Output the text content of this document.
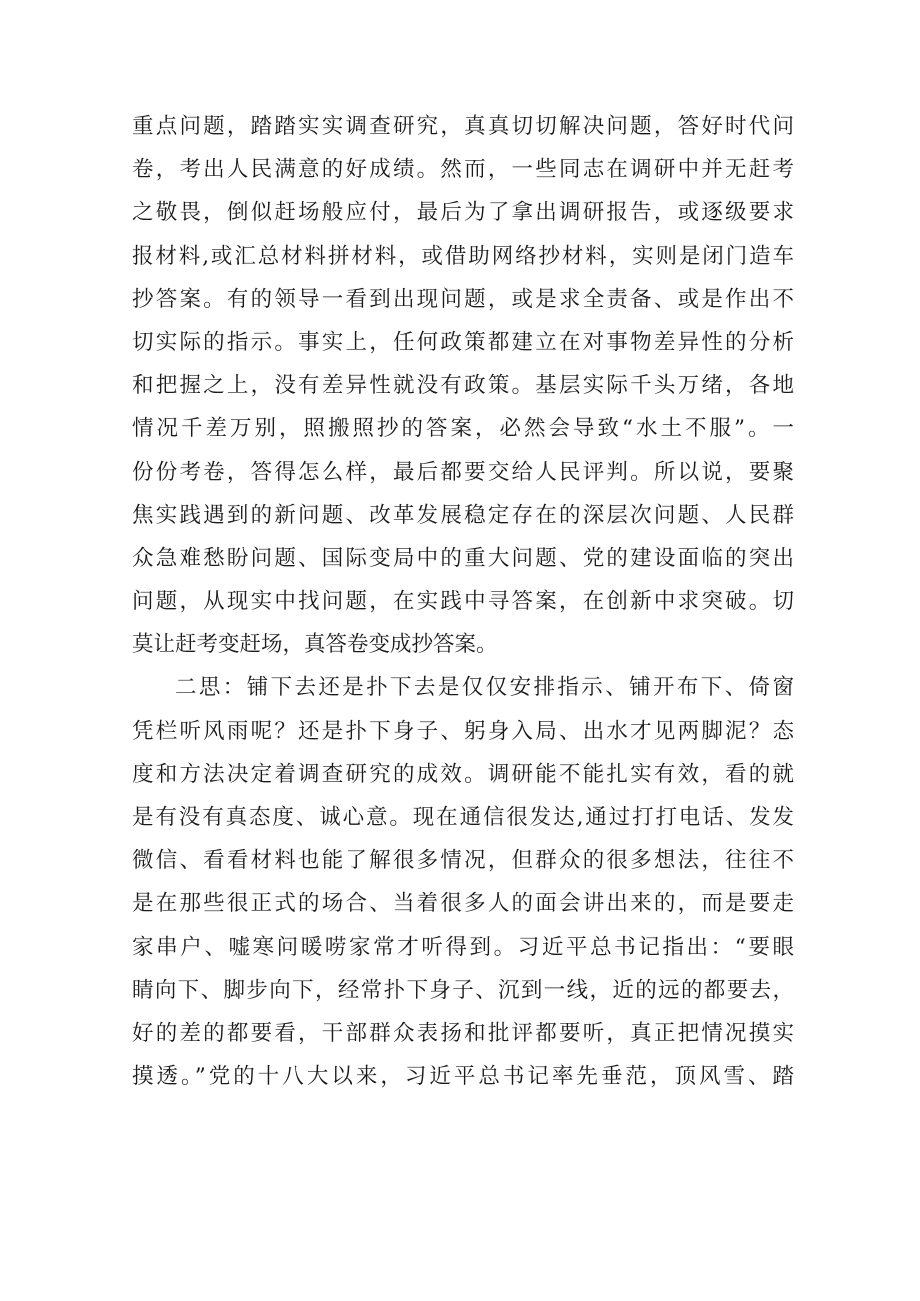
重点问题，踏踏实实调查研究，真真切切解决问题，答好时代问
卷，考出人民满意的好成绩。然而，一些同志在调研中并无赶考
之敬畏，倒似赶场般应付，最后为了拿出调研报告，或逐级要求
报材料,或汇总材料拼材料，或借助网络抄材料，实则是闭门造车
抄答案。有的领导一看到出现问题，或是求全责备、或是作出不
切实际的指示。事实上，任何政策都建立在对事物差异性的分析
和把握之上，没有差异性就没有政策。基层实际千头万绪，各地
情况千差万别，照搬照抄的答案，必然会导致“水土不服”。一
份份考卷，答得怎么样，最后都要交给人民评判。所以说，要聚
焦实践遇到的新问题、改革发展稳定存在的深层次问题、人民群
众急难愁盼问题、国际变局中的重大问题、党的建设面临的突出
问题，从现实中找问题，在实践中寻答案，在创新中求突破。切
莫让赶考变赶场，真答卷变成抄答案。
二思：铺下去还是扑下去是仅仅安排指示、铺开布下、倚窗
凭栏听风雨呢？还是扑下身子、躬身入局、出水才见两脚泥？态
度和方法决定着调查研究的成效。调研能不能扎实有效，看的就
是有没有真态度、诚心意。现在通信很发达,通过打打电话、发发
微信、看看材料也能了解很多情况，但群众的很多想法，往往不
是在那些很正式的场合、当着很多人的面会讲出来的，而是要走
家串户、嘘寒问暖唠家常才听得到。习近平总书记指出：“要眼
睛向下、脚步向下，经常扑下身子、沉到一线，近的远的都要去，
好的差的都要看，干部群众表扬和批评都要听，真正把情况摸实
摸透。”党的十八大以来，习近平总书记率先垂范，顶风雪、踏
